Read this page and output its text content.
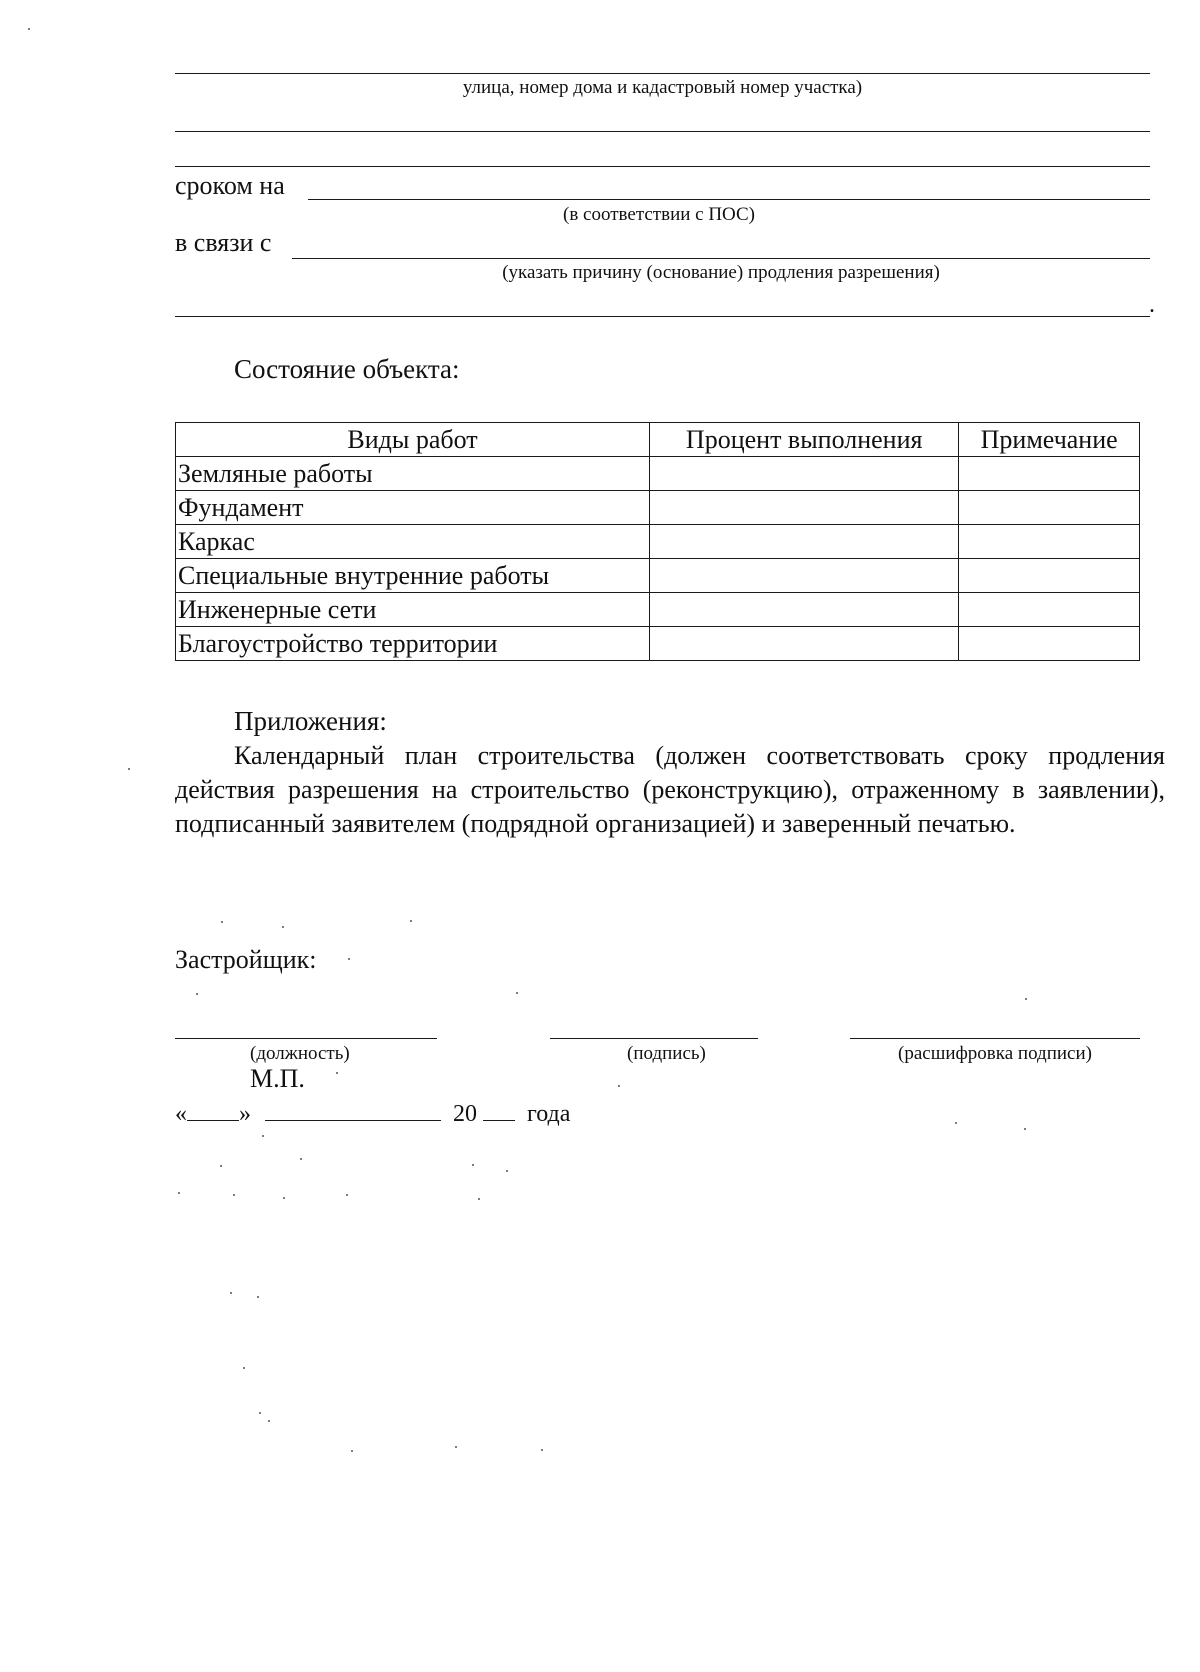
улица, номер дома и кадастровый номер участка)
сроком на
(в соответствии с ПОС)
в связи с
(указать причину (основание) продления разрешения)
.
Состояние объекта:
Виды работ	Процент выполнения	Примечание
Земляные работы		
Фундамент		
Каркас		
Специальные внутренние работы		
Инженерные сети		
Благоустройство территории		
Приложения:
Календарный план строительства (должен соответствовать сроку продления действия разрешения на строительство (реконструкцию), отраженному в заявлении), подписанный заявителем (подрядной организацией) и заверенный печатью.
Застройщик:
(должность)	(подпись)	(расшифровка подписи)
М.П.
« »	20 года
